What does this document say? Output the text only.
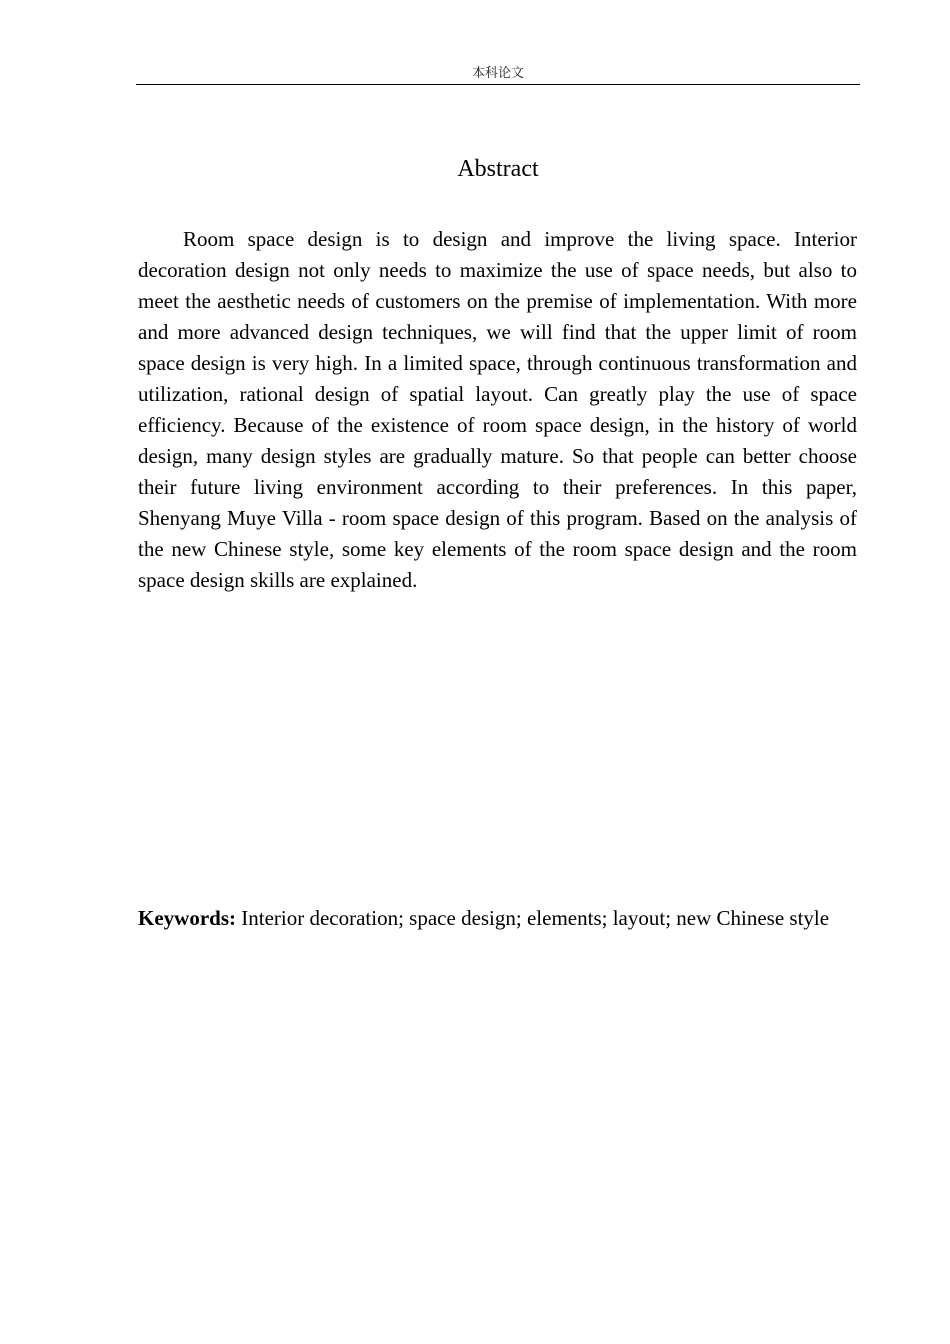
本科论文
Abstract

Room space design is to design and improve the living space. Interior decoration design not only needs to maximize the use of space needs, but also to meet the aesthetic needs of customers on the premise of implementation. With more and more advanced design techniques, we will find that the upper limit of room space design is very high. In a limited space, through continuous transformation and utilization, rational design of spatial layout. Can greatly play the use of space efficiency. Because of the existence of room space design, in the history of world design, many design styles are gradually mature. So that people can better choose their future living environment according to their preferences. In this paper, Shenyang Muye Villa - room space design of this program. Based on the analysis of the new Chinese style, some key elements of the room space design and the room space design skills are explained.

Keywords: Interior decoration; space design; elements; layout; new Chinese style
